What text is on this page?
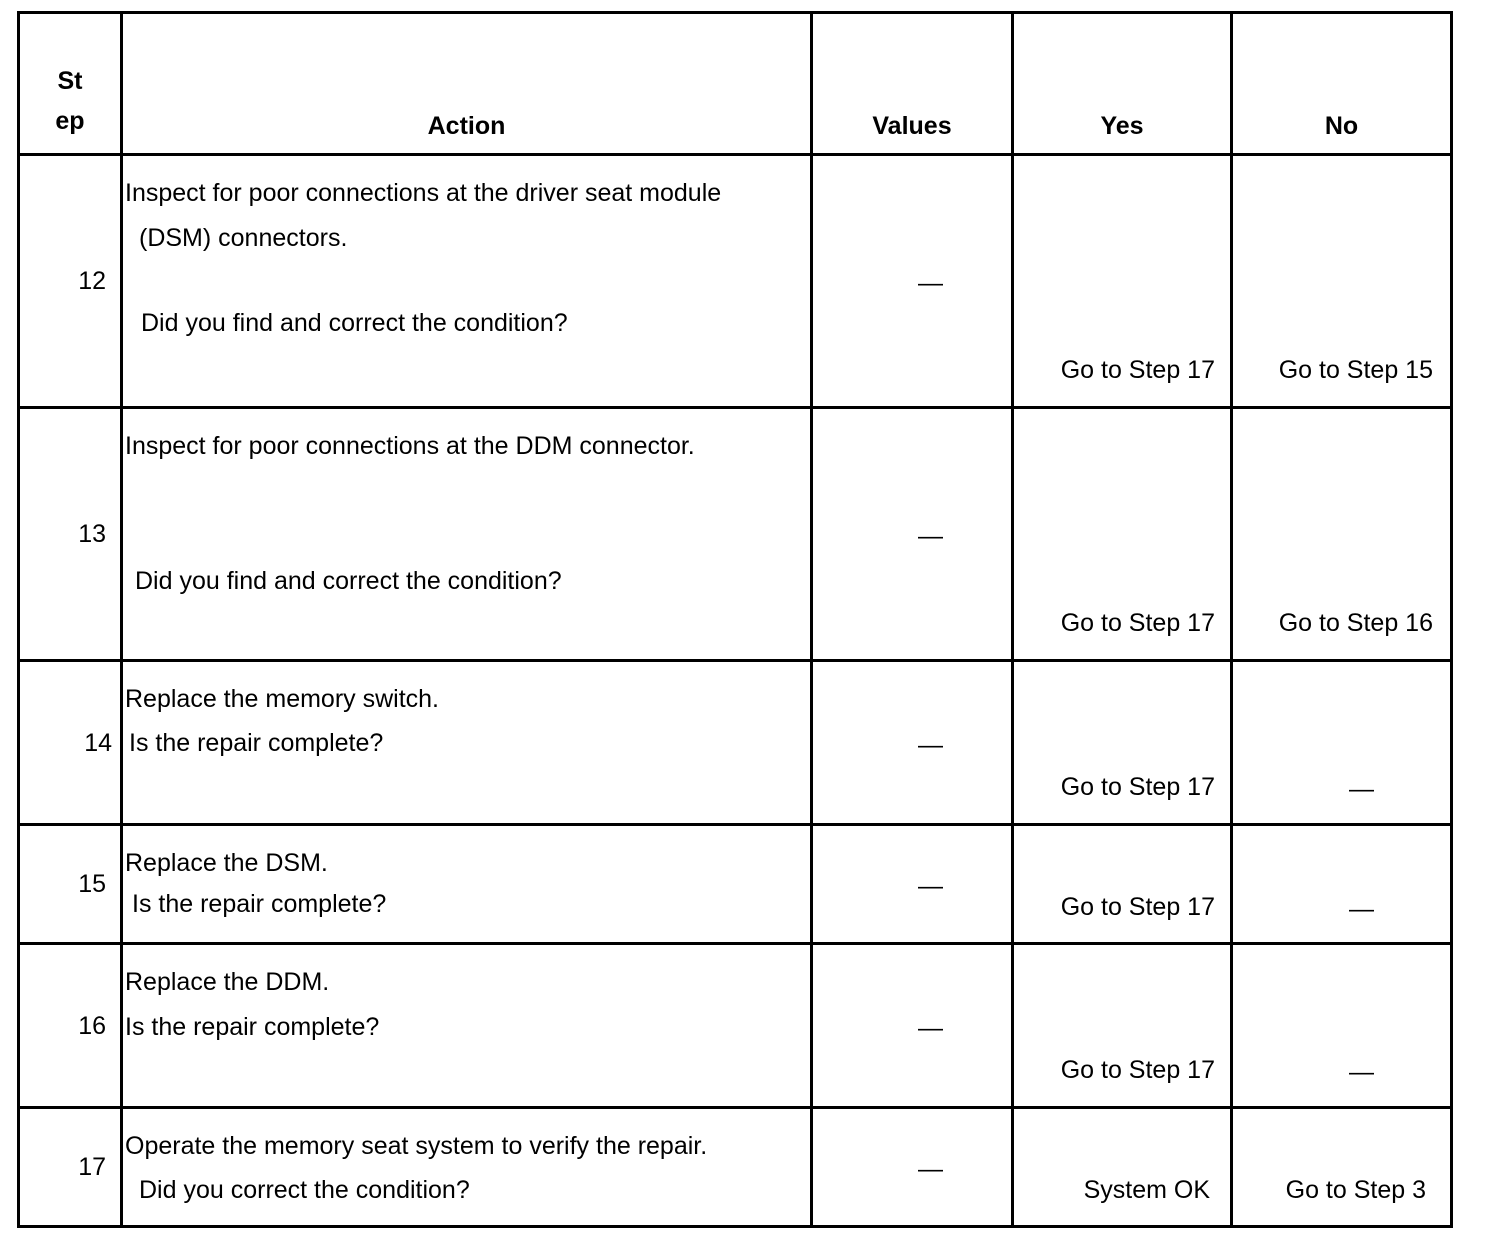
St
ep	Action	Values	Yes	No

12	Inspect for poor connections at the driver seat module
(DSM) connectors.
Did you find and correct the condition?	—	Go to Step 17	Go to Step 15

13	Inspect for poor connections at the DDM connector.
Did you find and correct the condition?	—	Go to Step 17	Go to Step 16

14	Replace the memory switch.
Is the repair complete?	—	Go to Step 17	—

15	Replace the DSM.
Is the repair complete?	—	Go to Step 17	—

16	Replace the DDM.
Is the repair complete?	—	Go to Step 17	—

17	Operate the memory seat system to verify the repair.
Did you correct the condition?	—	System OK	Go to Step 3
